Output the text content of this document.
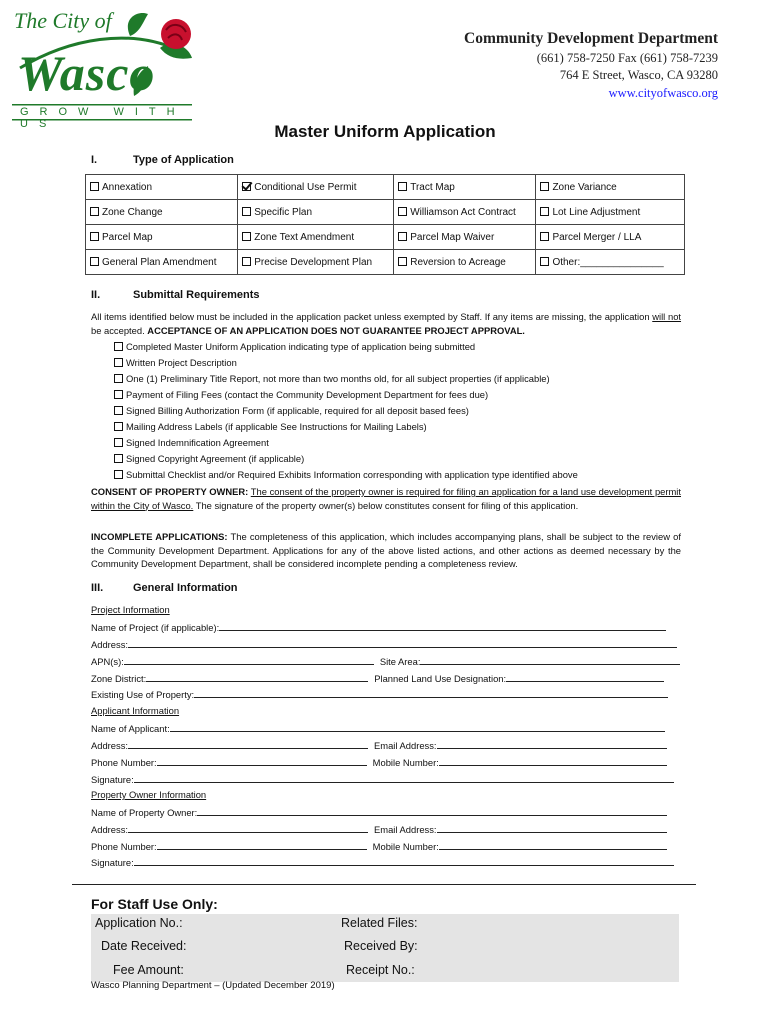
The City of
Wasco
GROW WITH US
Community Development Department
(661) 758-7250 Fax (661) 758-7239
764 E Street, Wasco, CA 93280
www.cityofwasco.org
Master Uniform Application
I.	Type of Application
Annexation	Conditional Use Permit	Tract Map	Zone Variance
Zone Change	Specific Plan	Williamson Act Contract	Lot Line Adjustment
Parcel Map	Zone Text Amendment	Parcel Map Waiver	Parcel Merger / LLA
General Plan Amendment	Precise Development Plan	Reversion to Acreage	Other:_______________
II.	Submittal Requirements
All items identified below must be included in the application packet unless exempted by Staff. If any items are missing, the application will not be accepted. ACCEPTANCE OF AN APPLICATION DOES NOT GUARANTEE PROJECT APPROVAL.
Completed Master Uniform Application indicating type of application being submitted
Written Project Description
One (1) Preliminary Title Report, not more than two months old, for all subject properties (if applicable)
Payment of Filing Fees (contact the Community Development Department for fees due)
Signed Billing Authorization Form (if applicable, required for all deposit based fees)
Mailing Address Labels (if applicable See Instructions for Mailing Labels)
Signed Indemnification Agreement
Signed Copyright Agreement (if applicable)
Submittal Checklist and/or Required Exhibits Information corresponding with application type identified above
CONSENT OF PROPERTY OWNER: The consent of the property owner is required for filing an application for a land use development permit within the City of Wasco. The signature of the property owner(s) below constitutes consent for filing of this application.
INCOMPLETE APPLICATIONS: The completeness of this application, which includes accompanying plans, shall be subject to the review of the Community Development Department. Applications for any of the above listed actions, and other actions as deemed necessary by the Community Development Department, shall be considered incomplete pending a completeness review.
III.	General Information
Project Information
Name of Project (if applicable):
Address:
APN(s):	Site Area:
Zone District:	Planned Land Use Designation:
Existing Use of Property:
Applicant Information
Name of Applicant:
Address:	Email Address:
Phone Number:	Mobile Number:
Signature:
Property Owner Information
Name of Property Owner:
Address:	Email Address:
Phone Number:	Mobile Number:
Signature:
For Staff Use Only:
Application No.:	Related Files:
Date Received:	Received By:
Fee Amount:	Receipt No.:
Wasco Planning Department – (Updated December 2019)
